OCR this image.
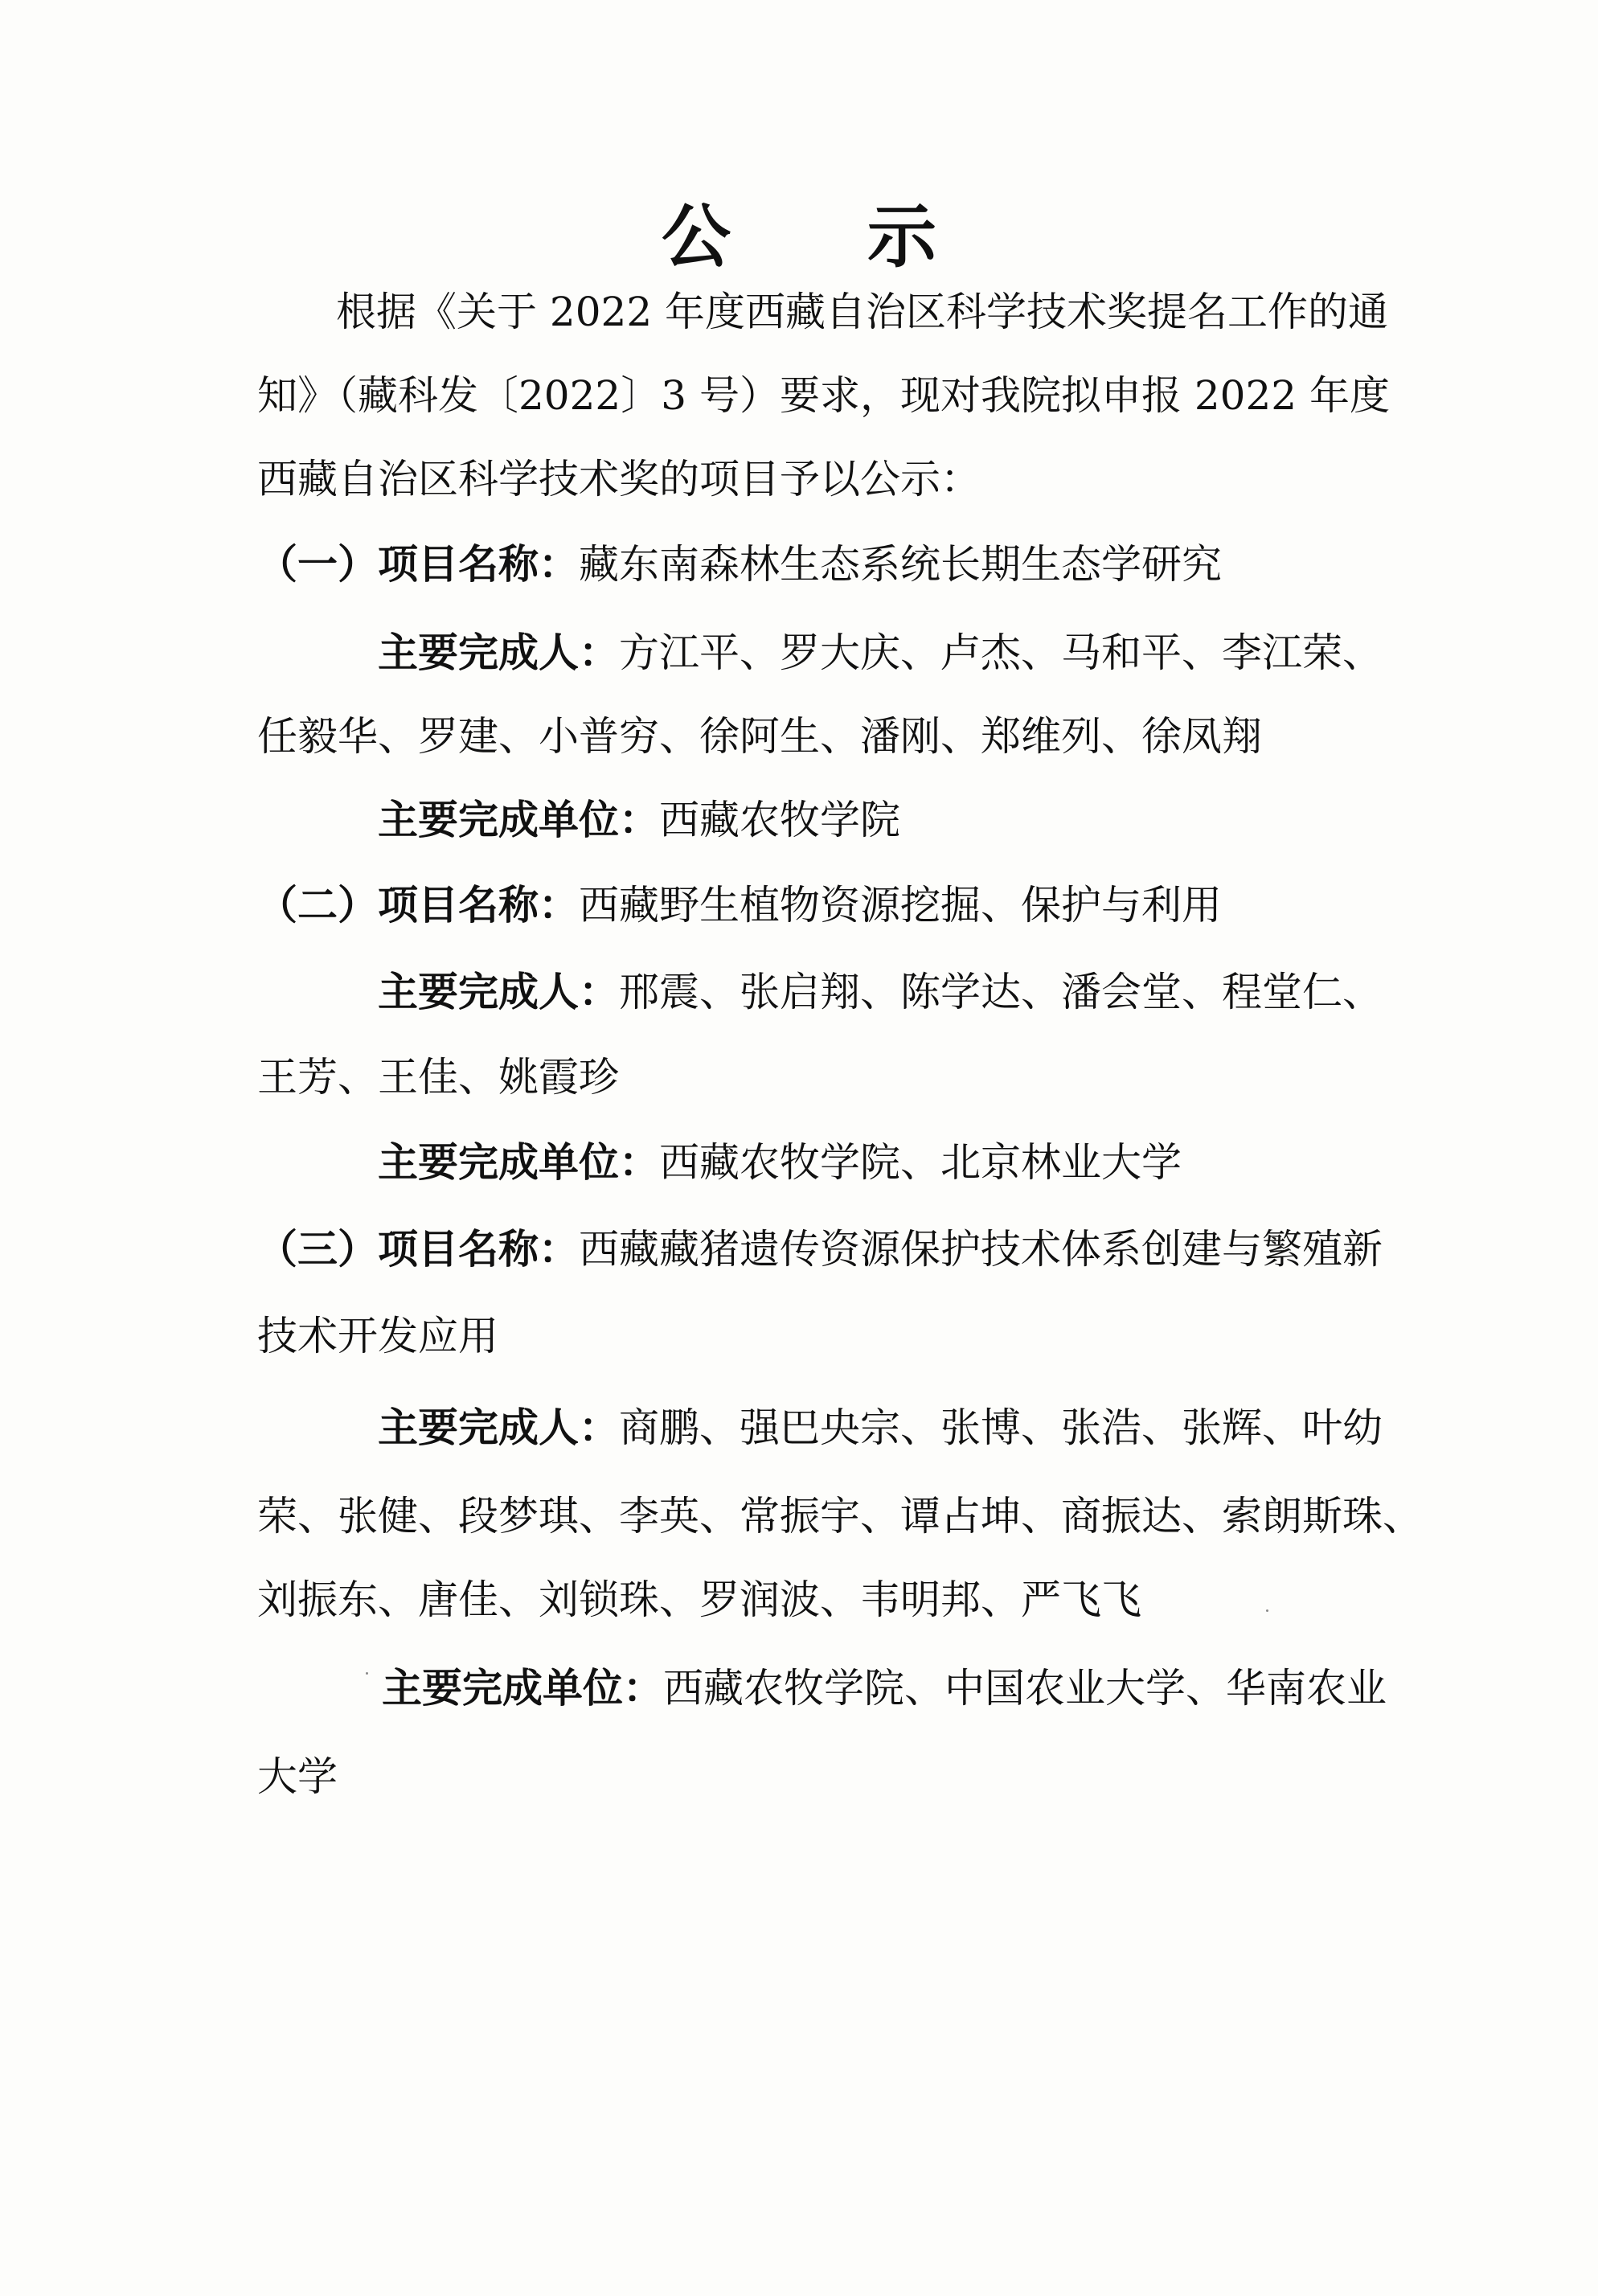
公 示
根据《关于 2022 年度西藏自治区科学技术奖提名工作的通
知》（藏科发〔2022〕3 号）要求，现对我院拟申报 2022 年度
西藏自治区科学技术奖的项目予以公示：
（一）项目名称：藏东南森林生态系统长期生态学研究
主要完成人：方江平、罗大庆、卢杰、马和平、李江荣、
任毅华、罗建、小普穷、徐阿生、潘刚、郑维列、徐凤翔
主要完成单位：西藏农牧学院
（二）项目名称：西藏野生植物资源挖掘、保护与利用
主要完成人：邢震、张启翔、陈学达、潘会堂、程堂仁、
王芳、王佳、姚霞珍
主要完成单位：西藏农牧学院、北京林业大学
（三）项目名称：西藏藏猪遗传资源保护技术体系创建与繁殖新
技术开发应用
主要完成人：商鹏、强巴央宗、张博、张浩、张辉、叶幼
荣、张健、段梦琪、李英、常振宇、谭占坤、商振达、索朗斯珠、
刘振东、唐佳、刘锁珠、罗润波、韦明邦、严飞飞
主要完成单位：西藏农牧学院、中国农业大学、华南农业
大学
